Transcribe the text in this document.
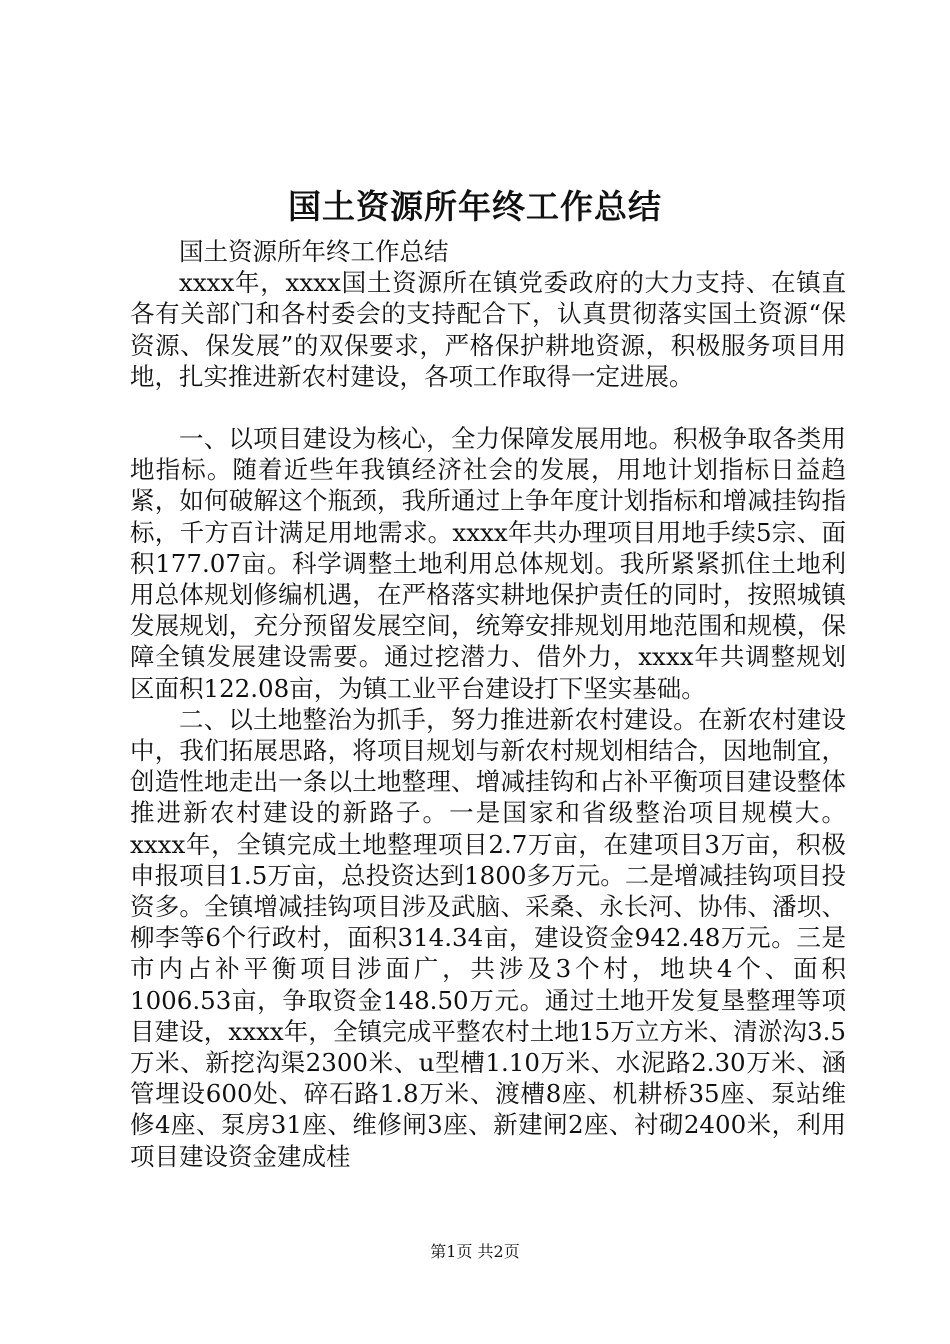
国土资源所年终工作总结

国土资源所年终工作总结

xxxx年，xxxx国土资源所在镇党委政府的大力支持、在镇直各有关部门和各村委会的支持配合下，认真贯彻落实国土资源“保资源、保发展”的双保要求，严格保护耕地资源，积极服务项目用地，扎实推进新农村建设，各项工作取得一定进展。

一、以项目建设为核心，全力保障发展用地。积极争取各类用地指标。随着近些年我镇经济社会的发展，用地计划指标日益趋紧，如何破解这个瓶颈，我所通过上争年度计划指标和增减挂钩指标，千方百计满足用地需求。xxxx年共办理项目用地手续5宗、面积177.07亩。科学调整土地利用总体规划。我所紧紧抓住土地利用总体规划修编机遇，在严格落实耕地保护责任的同时，按照城镇发展规划，充分预留发展空间，统筹安排规划用地范围和规模，保障全镇发展建设需要。通过挖潜力、借外力，xxxx年共调整规划区面积122.08亩，为镇工业平台建设打下坚实基础。

二、以土地整治为抓手，努力推进新农村建设。在新农村建设中，我们拓展思路，将项目规划与新农村规划相结合，因地制宜，创造性地走出一条以土地整理、增减挂钩和占补平衡项目建设整体推进新农村建设的新路子。一是国家和省级整治项目规模大。xxxx年，全镇完成土地整理项目2.7万亩，在建项目3万亩，积极申报项目1.5万亩，总投资达到1800多万元。二是增减挂钩项目投资多。全镇增减挂钩项目涉及武脑、采桑、永长河、协伟、潘坝、柳李等6个行政村，面积314.34亩，建设资金942.48万元。三是市内占补平衡项目涉面广，共涉及3个村，地块4个、面积1006.53亩，争取资金148.50万元。通过土地开发复垦整理等项目建设，xxxx年，全镇完成平整农村土地15万立方米、清淤沟3.5万米、新挖沟渠2300米、u型槽1.10万米、水泥路2.30万米、涵管埋设600处、碎石路1.8万米、渡槽8座、机耕桥35座、泵站维修4座、泵房31座、维修闸3座、新建闸2座、衬砌2400米，利用项目建设资金建成桂

第1页 共2页
